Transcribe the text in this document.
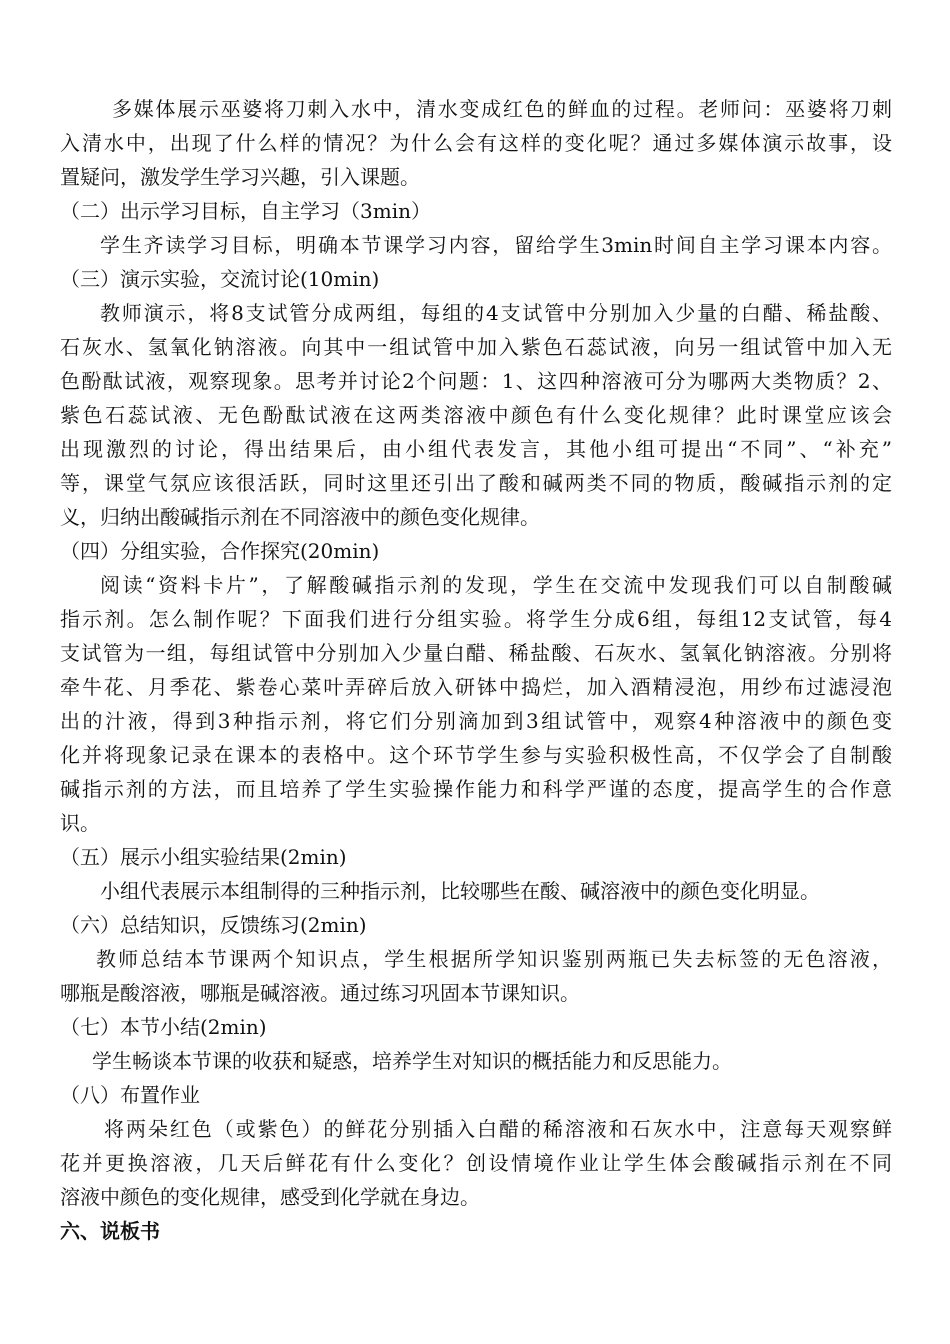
多媒体展示巫婆将刀刺入水中，清水变成红色的鲜血的过程。老师问：巫婆将刀刺
入清水中，出现了什么样的情况？为什么会有这样的变化呢？通过多媒体演示故事，设
置疑问，激发学生学习兴趣，引入课题。
（二）出示学习目标，自主学习（3min）
学生齐读学习目标，明确本节课学习内容，留给学生3min时间自主学习课本内容。
（三）演示实验，交流讨论(10min)
教师演示，将8支试管分成两组，每组的4支试管中分别加入少量的白醋、稀盐酸、
石灰水、氢氧化钠溶液。向其中一组试管中加入紫色石蕊试液，向另一组试管中加入无
色酚酞试液，观察现象。思考并讨论2个问题：1、这四种溶液可分为哪两大类物质？2、
紫色石蕊试液、无色酚酞试液在这两类溶液中颜色有什么变化规律？此时课堂应该会
出现激烈的讨论，得出结果后，由小组代表发言，其他小组可提出“不同”、“补充”
等，课堂气氛应该很活跃，同时这里还引出了酸和碱两类不同的物质，酸碱指示剂的定
义，归纳出酸碱指示剂在不同溶液中的颜色变化规律。
（四）分组实验，合作探究(20min)
阅读“资料卡片”，了解酸碱指示剂的发现，学生在交流中发现我们可以自制酸碱
指示剂。怎么制作呢？下面我们进行分组实验。将学生分成6组，每组12支试管，每4
支试管为一组，每组试管中分别加入少量白醋、稀盐酸、石灰水、氢氧化钠溶液。分别将
牵牛花、月季花、紫卷心菜叶弄碎后放入研钵中捣烂，加入酒精浸泡，用纱布过滤浸泡
出的汁液，得到3种指示剂，将它们分别滴加到3组试管中，观察4种溶液中的颜色变
化并将现象记录在课本的表格中。这个环节学生参与实验积极性高，不仅学会了自制酸
碱指示剂的方法，而且培养了学生实验操作能力和科学严谨的态度，提高学生的合作意
识。
（五）展示小组实验结果(2min)
小组代表展示本组制得的三种指示剂，比较哪些在酸、碱溶液中的颜色变化明显。
（六）总结知识，反馈练习(2min)
教师总结本节课两个知识点，学生根据所学知识鉴别两瓶已失去标签的无色溶液，
哪瓶是酸溶液，哪瓶是碱溶液。通过练习巩固本节课知识。
（七）本节小结(2min)
学生畅谈本节课的收获和疑惑，培养学生对知识的概括能力和反思能力。
（八）布置作业
将两朵红色（或紫色）的鲜花分别插入白醋的稀溶液和石灰水中，注意每天观察鲜
花并更换溶液，几天后鲜花有什么变化？创设情境作业让学生体会酸碱指示剂在不同
溶液中颜色的变化规律，感受到化学就在身边。
六、说板书
